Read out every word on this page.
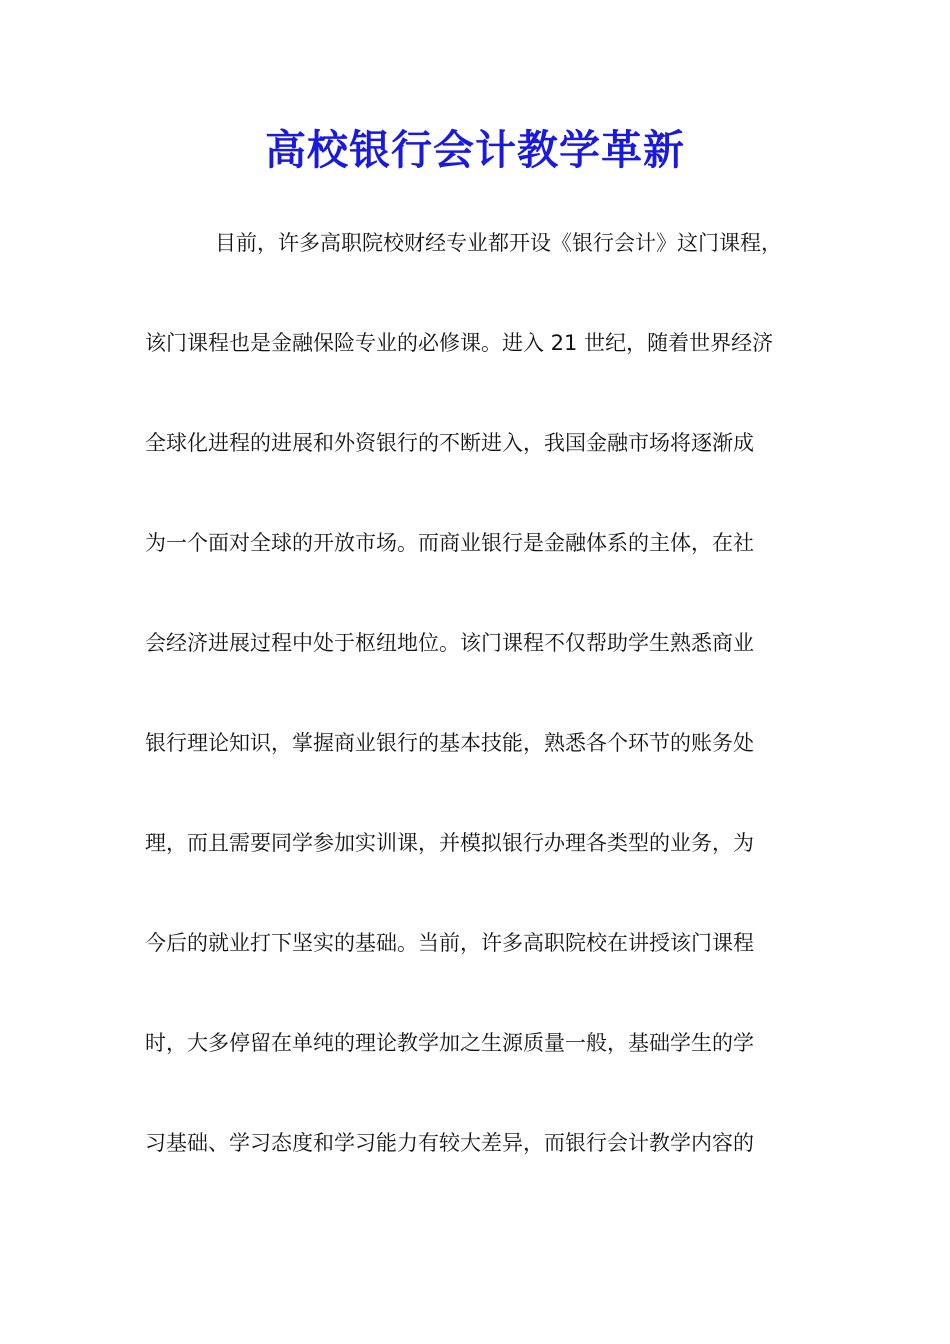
高校银行会计教学革新
目前，许多高职院校财经专业都开设《银行会计》这门课程，
该门课程也是金融保险专业的必修课。进入 21 世纪，随着世界经济
全球化进程的进展和外资银行的不断进入，我国金融市场将逐渐成
为一个面对全球的开放市场。而商业银行是金融体系的主体，在社
会经济进展过程中处于枢纽地位。该门课程不仅帮助学生熟悉商业
银行理论知识，掌握商业银行的基本技能，熟悉各个环节的账务处
理，而且需要同学参加实训课，并模拟银行办理各类型的业务，为
今后的就业打下坚实的基础。当前，许多高职院校在讲授该门课程
时，大多停留在单纯的理论教学加之生源质量一般，基础学生的学
习基础、学习态度和学习能力有较大差异，而银行会计教学内容的
